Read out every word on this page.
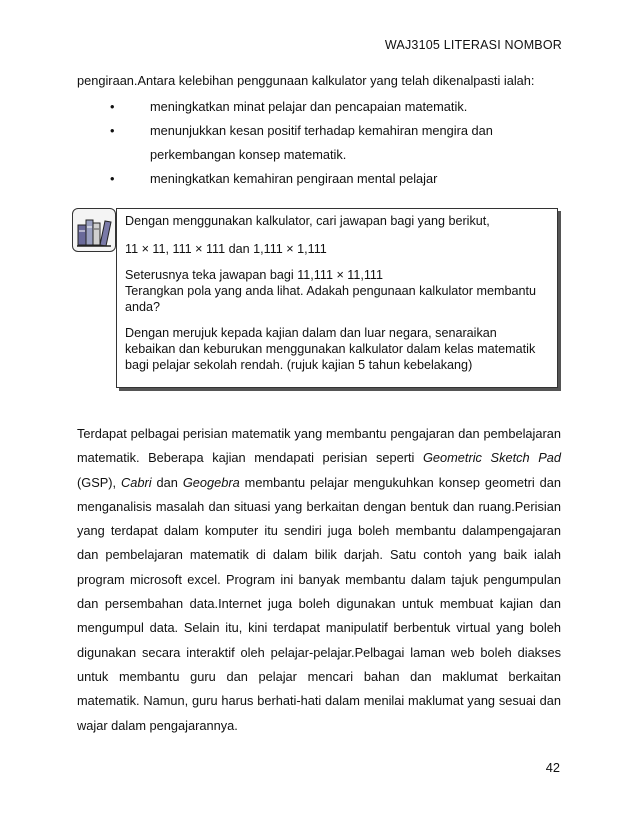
WAJ3105 LITERASI NOMBOR

pengiraan.Antara kelebihan penggunaan kalkulator yang telah dikenalpasti ialah:

•	meningkatkan minat pelajar dan pencapaian matematik.
•	menunjukkan kesan positif terhadap kemahiran mengira dan
perkembangan konsep matematik.
•	meningkatkan kemahiran pengiraan mental pelajar

Dengan menggunakan kalkulator, cari jawapan bagi yang berikut,

11 × 11, 111 × 111 dan 1,111 × 1,111

Seterusnya teka jawapan bagi 11,111 × 11,111

Terangkan pola yang anda lihat. Adakah pengunaan kalkulator membantu anda?

Dengan merujuk kepada kajian dalam dan luar negara, senaraikan kebaikan dan keburukan menggunakan kalkulator dalam kelas matematik bagi pelajar sekolah rendah. (rujuk kajian 5 tahun kebelakang)

Terdapat pelbagai perisian matematik yang membantu pengajaran dan pembelajaran matematik. Beberapa kajian mendapati perisian seperti Geometric Sketch Pad (GSP), Cabri dan Geogebra membantu pelajar mengukuhkan konsep geometri dan menganalisis masalah dan situasi yang berkaitan dengan bentuk dan ruang.Perisian yang terdapat dalam komputer itu sendiri juga boleh membantu dalampengajaran dan pembelajaran matematik di dalam bilik darjah. Satu contoh yang baik ialah program microsoft excel. Program ini banyak membantu dalam tajuk pengumpulan dan persembahan data.Internet juga boleh digunakan untuk membuat kajian dan mengumpul data. Selain itu, kini terdapat manipulatif berbentuk virtual yang boleh digunakan secara interaktif oleh pelajar-pelajar.Pelbagai laman web boleh diakses untuk membantu guru dan pelajar mencari bahan dan maklumat berkaitan matematik. Namun, guru harus berhati-hati dalam menilai maklumat yang sesuai dan wajar dalam pengajarannya.

42
